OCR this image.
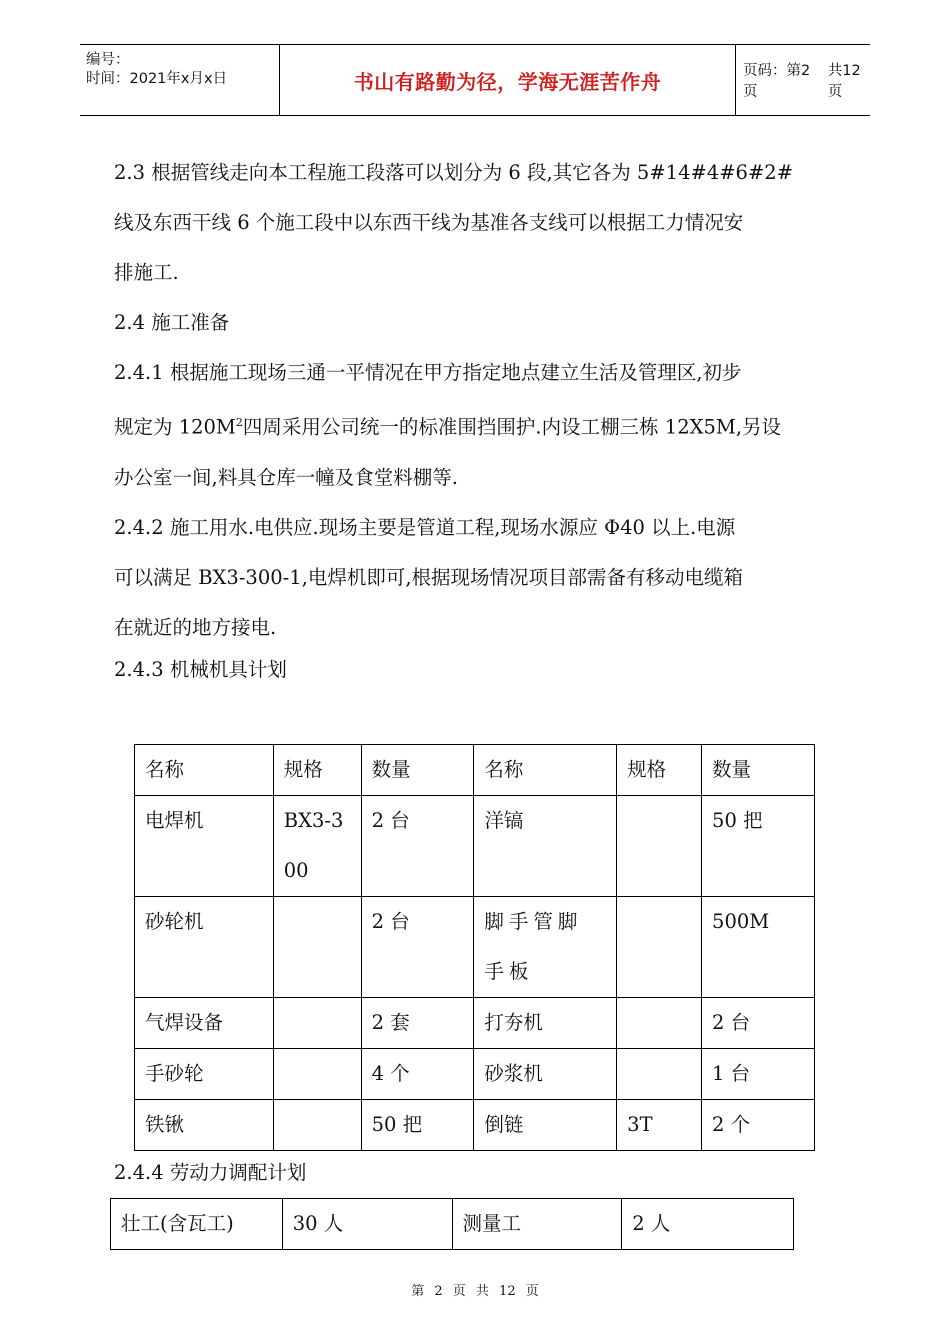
编号：
时间：2021年x月x日	书山有路勤为径，学海无涯苦作舟	页码：第2页
共12页

2.3 根据管线走向本工程施工段落可以划分为 6 段,其它各为 5#14#4#6#2#

线及东西干线 6 个施工段中以东西干线为基准各支线可以根据工力情况安

排施工.

2.4 施工准备

2.4.1 根据施工现场三通一平情况在甲方指定地点建立生活及管理区,初步

规定为 $120M^2$四周采用公司统一的标准围挡围护.内设工棚三栋 12X5M,另设

办公室一间,料具仓库一幢及食堂料棚等.

2.4.2 施工用水.电供应.现场主要是管道工程,现场水源应 Φ40 以上.电源

可以满足 BX3-300-1,电焊机即可,根据现场情况项目部需备有移动电缆箱

在就近的地方接电.

2.4.3 机械机具计划
名称	规格	数量	名称	规格	数量
电焊机	BX3-300	2 台	洋镐		50 把
砂轮机		2 台	脚手管脚手板		500M
气焊设备		2 套	打夯机		2 台
手砂轮		4 个	砂浆机		1 台
铁锹		50 把	倒链	3T	2 个
2.4.4 劳动力调配计划
壮工(含瓦工)	30 人	测量工	2 人
第 2 页 共 12 页
